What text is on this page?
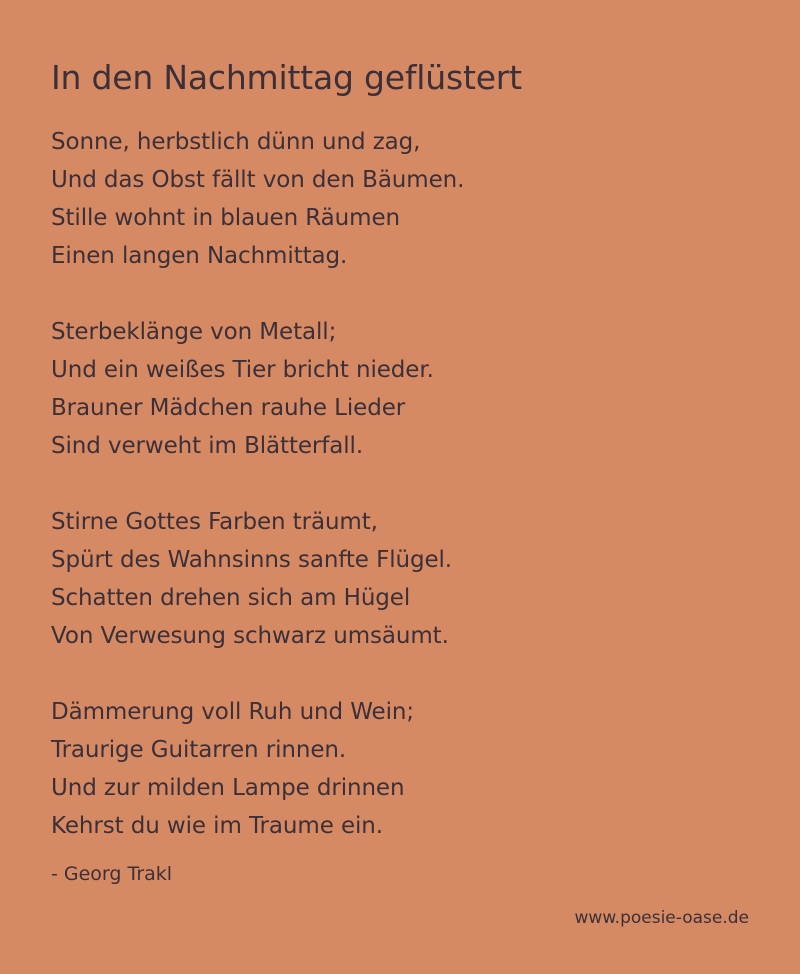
In den Nachmittag geflüstert
Sonne, herbstlich dünn und zag,
Und das Obst fällt von den Bäumen.
Stille wohnt in blauen Räumen
Einen langen Nachmittag.
Sterbeklänge von Metall;
Und ein weißes Tier bricht nieder.
Brauner Mädchen rauhe Lieder
Sind verweht im Blätterfall.
Stirne Gottes Farben träumt,
Spürt des Wahnsinns sanfte Flügel.
Schatten drehen sich am Hügel
Von Verwesung schwarz umsäumt.
Dämmerung voll Ruh und Wein;
Traurige Guitarren rinnen.
Und zur milden Lampe drinnen
Kehrst du wie im Traume ein.
- Georg Trakl
www.poesie-oase.de
